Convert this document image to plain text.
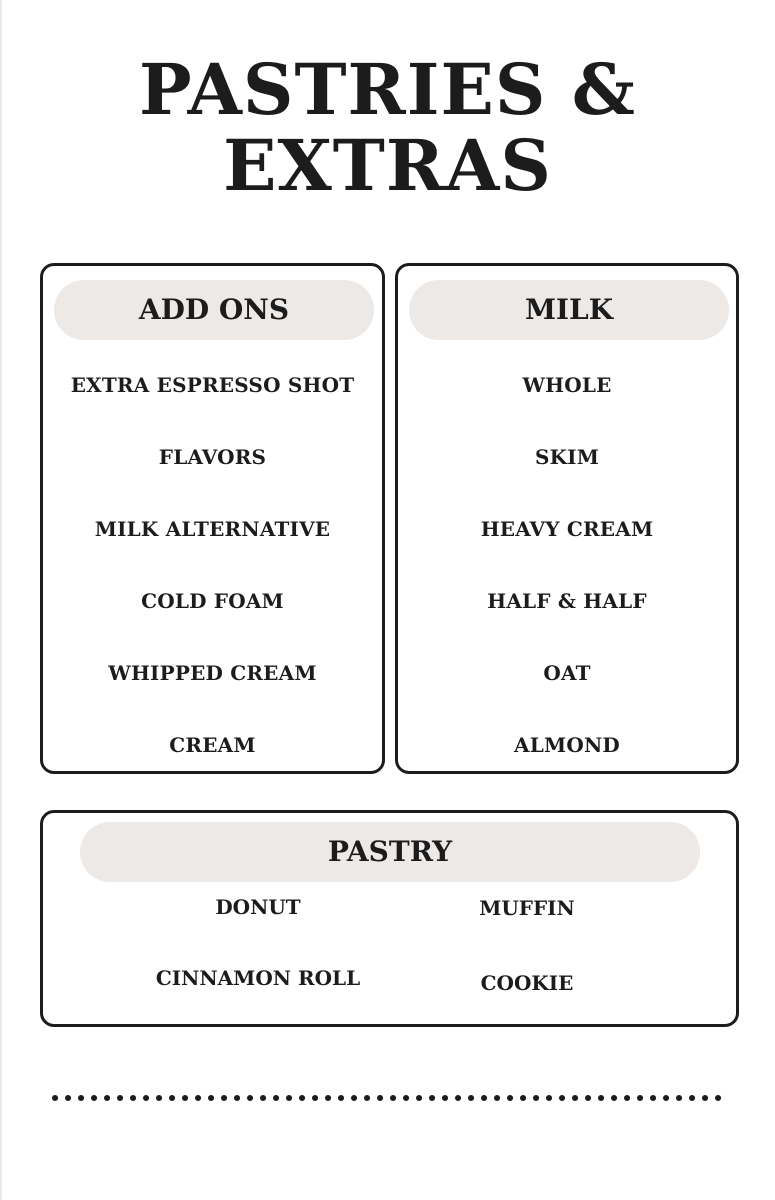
PASTRIES &
EXTRAS
ADD ONS
EXTRA ESPRESSO SHOT
FLAVORS
MILK ALTERNATIVE
COLD FOAM
WHIPPED CREAM
CREAM
MILK
WHOLE
SKIM
HEAVY CREAM
HALF & HALF
OAT
ALMOND
PASTRY
DONUT	MUFFIN
CINNAMON ROLL	COOKIE
